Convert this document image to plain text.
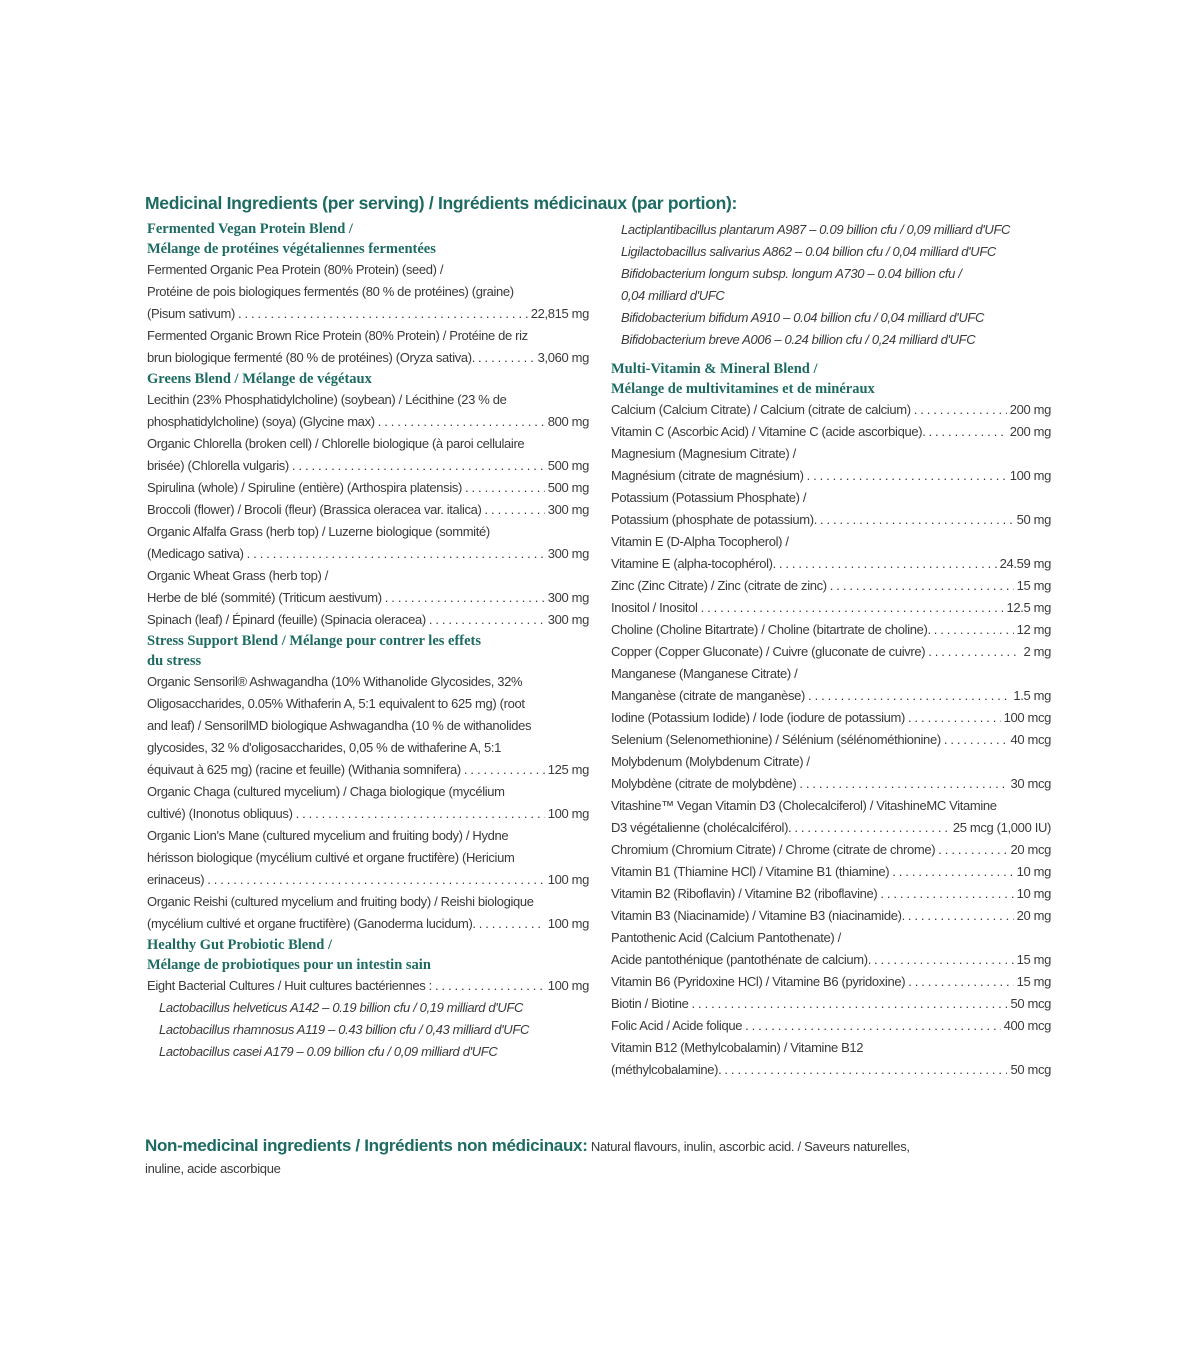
Medicinal Ingredients (per serving) / Ingrédients médicinaux (par portion):
Fermented Vegan Protein Blend /
Mélange de protéines végétaliennes fermentées
Fermented Organic Pea Protein (80% Protein) (seed) /
Protéine de pois biologiques fermentés (80 % de protéines) (graine)
(Pisum sativum) . . .	22,815 mg
Fermented Organic Brown Rice Protein (80% Protein) / Protéine de riz
brun biologique fermenté (80 % de protéines) (Oryza sativa). . . .	3,060 mg
Greens Blend / Mélange de végétaux
Lecithin (23% Phosphatidylcholine) (soybean) / Lécithine (23 % de
phosphatidylcholine) (soya) (Glycine max) . . .	800 mg
Organic Chlorella (broken cell) / Chlorelle biologique (à paroi cellulaire
brisée) (Chlorella vulgaris) . . .	500 mg
Spirulina (whole) / Spiruline (entière) (Arthospira platensis) . . .	500 mg
Broccoli (flower) / Brocoli (fleur) (Brassica oleracea var. italica) . . .	300 mg
Organic Alfalfa Grass (herb top) / Luzerne biologique (sommité)
(Medicago sativa) . . .	300 mg
Organic Wheat Grass (herb top) /
Herbe de blé (sommité) (Triticum aestivum) . . .	300 mg
Spinach (leaf) / Épinard (feuille) (Spinacia oleracea) . . .	300 mg
Stress Support Blend / Mélange pour contrer les effets
du stress
Organic Sensoril® Ashwagandha (10% Withanolide Glycosides, 32%
Oligosaccharides, 0.05% Withaferin A, 5:1 equivalent to 625 mg) (root
and leaf) / SensorilMD biologique Ashwagandha (10 % de withanolides
glycosides, 32 % d'oligosaccharides, 0,05 % de withaferine A, 5:1
équivaut à 625 mg) (racine et feuille) (Withania somnifera) . . .	125 mg
Organic Chaga (cultured mycelium) / Chaga biologique (mycélium
cultivé) (Inonotus obliquus) . . .	100 mg
Organic Lion's Mane (cultured mycelium and fruiting body) / Hydne
hérisson biologique (mycélium cultivé et organe fructifère) (Hericium
erinaceus) . . .	100 mg
Organic Reishi (cultured mycelium and fruiting body) / Reishi biologique
(mycélium cultivé et organe fructifère) (Ganoderma lucidum). . . .	100 mg
Healthy Gut Probiotic Blend /
Mélange de probiotiques pour un intestin sain
Eight Bacterial Cultures / Huit cultures bactériennes : . . .	100 mg
Lactobacillus helveticus A142 – 0.19 billion cfu / 0,19 milliard d'UFC
Lactobacillus rhamnosus A119 – 0.43 billion cfu / 0,43 milliard d'UFC
Lactobacillus casei A179 – 0.09 billion cfu / 0,09 milliard d'UFC
Lactiplantibacillus plantarum A987 – 0.09 billion cfu / 0,09 milliard d'UFC
Ligilactobacillus salivarius A862 – 0.04 billion cfu / 0,04 milliard d'UFC
Bifidobacterium longum subsp. longum A730 – 0.04 billion cfu /
0,04 milliard d'UFC
Bifidobacterium bifidum A910 – 0.04 billion cfu / 0,04 milliard d'UFC
Bifidobacterium breve A006 – 0.24 billion cfu / 0,24 milliard d'UFC
Multi-Vitamin & Mineral Blend /
Mélange de multivitamines et de minéraux
Calcium (Calcium Citrate) / Calcium (citrate de calcium) . . .	200 mg
Vitamin C (Ascorbic Acid) / Vitamine C (acide ascorbique). . . .	200 mg
Magnesium (Magnesium Citrate) /
Magnésium (citrate de magnésium) . . .	100 mg
Potassium (Potassium Phosphate) /
Potassium (phosphate de potassium). . . .	50 mg
Vitamin E (D-Alpha Tocopherol) /
Vitamine E (alpha-tocophérol). . . .	24.59 mg
Zinc (Zinc Citrate) / Zinc (citrate de zinc) . . .	15 mg
Inositol / Inositol . . .	12.5 mg
Choline (Choline Bitartrate) / Choline (bitartrate de choline). . . .	12 mg
Copper (Copper Gluconate) / Cuivre (gluconate de cuivre) . . .	2 mg
Manganese (Manganese Citrate) /
Manganèse (citrate de manganèse) . . .	1.5 mg
Iodine (Potassium Iodide) / Iode (iodure de potassium) . . .	100 mcg
Selenium (Selenomethionine) / Sélénium (sélénométhionine) . . .	40 mcg
Molybdenum (Molybdenum Citrate) /
Molybdène (citrate de molybdène) . . .	30 mcg
Vitashine™ Vegan Vitamin D3 (Cholecalciferol) / VitashineMC Vitamine
D3 végétalienne (cholécalciférol). . . .	25 mcg (1,000 IU)
Chromium (Chromium Citrate) / Chrome (citrate de chrome) . . .	20 mcg
Vitamin B1 (Thiamine HCl) / Vitamine B1 (thiamine) . . .	10 mg
Vitamin B2 (Riboflavin) / Vitamine B2 (riboflavine) . . .	10 mg
Vitamin B3 (Niacinamide) / Vitamine B3 (niacinamide). . . .	20 mg
Pantothenic Acid (Calcium Pantothenate) /
Acide pantothénique (pantothénate de calcium). . . .	15 mg
Vitamin B6 (Pyridoxine HCl) / Vitamine B6 (pyridoxine) . . .	15 mg
Biotin / Biotine . . .	50 mcg
Folic Acid / Acide folique . . .	400 mcg
Vitamin B12 (Methylcobalamin) / Vitamine B12
(méthylcobalamine). . . .	50 mcg
Non-medicinal ingredients / Ingrédients non médicinaux: Natural flavours, inulin, ascorbic acid. / Saveurs naturelles,
inuline, acide ascorbique
